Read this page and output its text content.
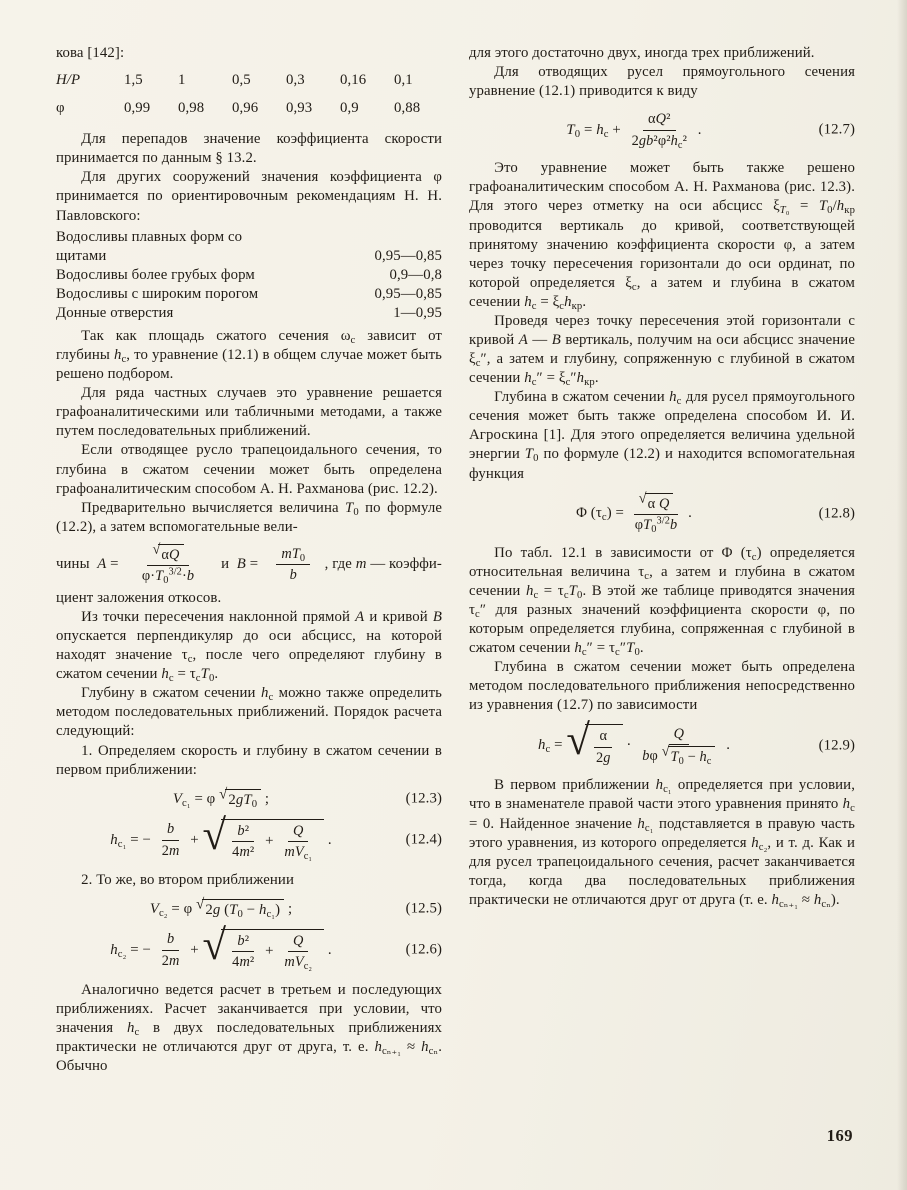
кова [142]:

H/P	1,5	1	0,5	0,3	0,16	0,1
φ	0,99	0,98	0,96	0,93	0,9	0,88

Для перепадов значение коэффициента скорости принимается по данным § 13.2.

Для других сооружений значения коэффициента φ принимается по ориентировочным рекомендациям Н. Н. Павловского:

Водосливы плавных форм со щитами	0,95—0,85
Водосливы более грубых форм	0,9—0,8
Водосливы с широким порогом	0,95—0,85
Донные отверстия	1—0,95

Так как площадь сжатого сечения $\omega_с$ зависит от глубины $h_с$, то уравнение (12.1) в общем случае может быть решено подбором.

Для ряда частных случаев это уравнение решается графоаналитическими или табличными методами, а также путем последовательных приближений.

Если отводящее русло трапецоидального сечения, то глубина в сжатом сечении может быть определена графоаналитическим способом А. Н. Рахманова (рис. 12.2).

Предварительно вычисляется величина $T_0$ по формуле (12.2), а затем вспомогательные вели-

чины  $A = \frac{√ \alpha Q}{\varphi\cdot T_0^{3/2}\cdot b}$ и  $B = \frac{mT_0}{b}$ , где m — коэффи-

циент заложения откосов.

Из точки пересечения наклонной прямой A и кривой B опускается перпендикуляр до оси абсцисс, на которой находят значение $\tau_с$, после чего определяют глубину в сжатом сечении $h_с = \tau_сT_0$.

Глубину в сжатом сечении $h_с$ можно также определить методом последовательных приближений. Порядок расчета следующий:

1. Определяем скорость и глубину в сжатом сечении в первом приближении:

$V_{с_1} = \varphi$ √ $2gT_0$ ;	(12.3)
$h_{с_1}$ = − $\frac{b}{2m}$ + √ $\frac{\text{b²}}{\text{4m²}} + \frac{Q}{mV_{с_1}}$ .	(12.4)

2. То же, во втором приближении

$V_{с_2} = \varphi$ √ 2g $(T_0 - h_{с_1})$ ;	(12.5)
$h_{с_2}$ = − $\frac{b}{2m}$ + √ $\frac{\text{b²}}{\text{4m²}} + \frac{Q}{mV_{с_2}}$ .	(12.6)

Аналогично ведется расчет в третьем и последующих приближениях. Расчет заканчивается при условии, что значения $h_с$ в двух последовательных приближениях практически не отличаются друг от друга, т. е. $h_{с_{n+1}} \approx h_{с_n}$. Обычно

для этого достаточно двух, иногда трех приближений.

Для отводящих русел прямоугольного сечения уравнение (12.1) приводится к виду

$T_0 = h_с + \frac{\text{αQ²}}{2gb^2\varphi^2h_с^2}$ .	(12.7)

Это уравнение может быть также решено графоаналитическим способом А. Н. Рахманова (рис. 12.3). Для этого через отметку на оси абсцисс $\xi_{T_0} = T_0/h_{кр}$ проводится вертикаль до кривой, соответствующей принятому значению коэффициента скорости φ, а затем через точку пересечения горизонтали до оси ординат, по которой определяется $\xi_с$, а затем и глубина в сжатом сечении $h_с = \xi_сh_{кр}$.

Проведя через точку пересечения этой горизонтали с кривой A — B вертикаль, получим на оси абсцисс значение $\xi_с''$, а затем и глубину, сопряженную с глубиной в сжатом сечении $h_с'' = \xi_с''h_{кр}$.

Глубина в сжатом сечении $h_с$ для русел прямоугольного сечения может быть также определена способом И. И. Агроскина [1]. Для этого определяется величина удельной энергии $T_0$ по формуле (12.2) и находится вспомогательная функция

Φ $(\tau_с) = \frac{\text{√ α Q}}{\varphi T_0^{3/2}b}$ .	(12.8)

По табл. 12.1 в зависимости от Φ $(\tau_с)$ определяется относительная величина $\tau_с$, а затем и глубина в сжатом сечении $h_с = \tau_сT_0$. В этой же таблице приводятся значения $\tau_с''$ для разных значений коэффициента скорости φ, по которым определяется глубина, сопряженная с глубиной в сжатом сечении $h_с'' = \tau_с''T_0$.

Глубина в сжатом сечении может быть определена методом последовательного приближения непосредственно из уравнения (12.7) по зависимости

$h_с$ = √ $\frac{\alpha}{2g} \cdot \frac{Q}{b\varphi √ T_0 - h_с}$ .	(12.9)

В первом приближении $h_{с_1}$ определяется при условии, что в знаменателе правой части этого уравнения принято $h_с = 0$. Найденное значение $h_{с_1}$ подставляется в правую часть этого уравнения, из которого определяется $h_{с_2}$, и т. д. Как и для русел трапецоидального сечения, расчет заканчивается тогда, когда два последовательных приближения практически не отличаются друг от друга (т. е. $h_{с_{n+1}} \approx h_{с_n}$).

169
